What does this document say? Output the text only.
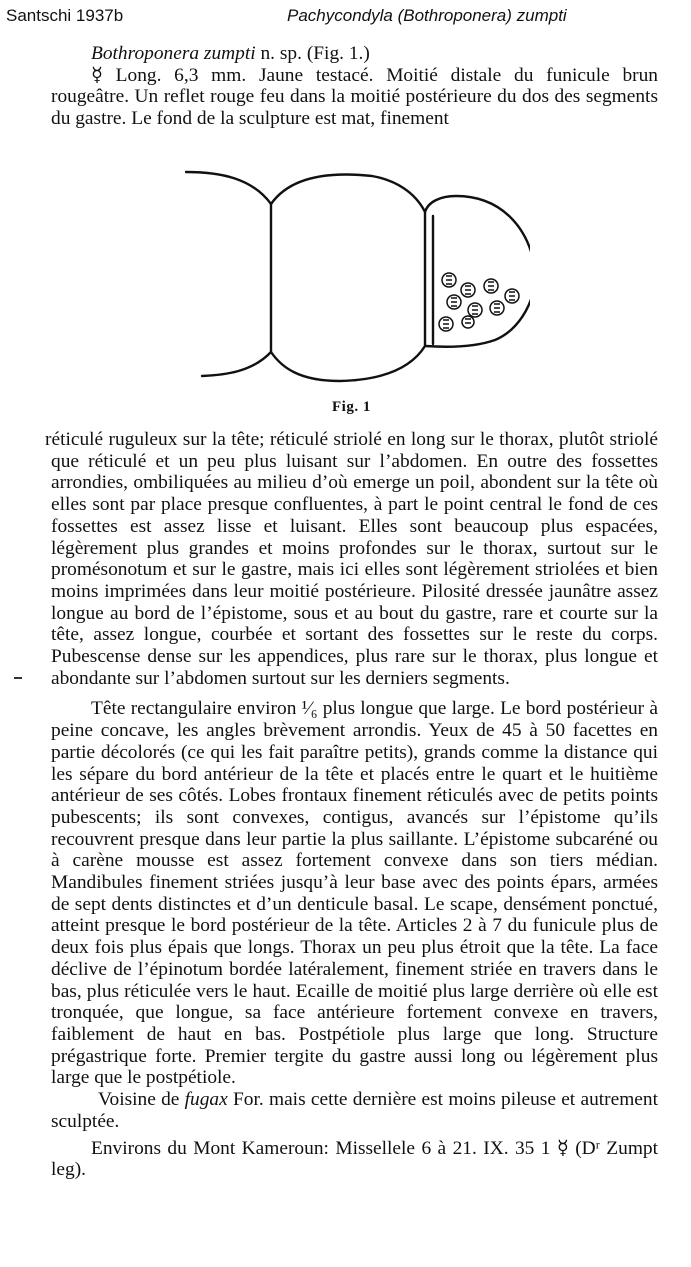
Santschi 1937b	Pachycondyla (Bothroponera) zumpti

Bothroponera zumpti n. sp. (Fig. 1.)

☿ Long. 6,3 mm. Jaune testacé. Moitié distale du funicule brun rougeâtre. Un reflet rouge feu dans la moitié postérieure du dos des segments du gastre. Le fond de la sculpture est mat, finement

Fig. 1

réticulé ruguleux sur la tête; réticulé striolé en long sur le thorax, plutôt striolé que réticulé et un peu plus luisant sur l’abdomen. En outre des fossettes arrondies, ombiliquées au milieu d’où emerge un poil, abondent sur la tête où elles sont par place presque confluentes, à part le point central le fond de ces fossettes est assez lisse et luisant. Elles sont beaucoup plus espacées, légèrement plus grandes et moins profondes sur le thorax, surtout sur le promésonotum et sur le gastre, mais ici elles sont légèrement striolées et bien moins imprimées dans leur moitié postérieure. Pilosité dressée jaunâtre assez longue au bord de l’épistome, sous et au bout du gastre, rare et courte sur la tête, assez longue, courbée et sortant des fossettes sur le reste du corps. Pubescense dense sur les appendices, plus rare sur le thorax, plus longue et abondante sur l’abdomen surtout sur les derniers segments.

Tête rectangulaire environ ¹⁄₆ plus longue que large. Le bord postérieur à peine concave, les angles brèvement arrondis. Yeux de 45 à 50 facettes en partie décolorés (ce qui les fait paraître petits), grands comme la distance qui les sépare du bord antérieur de la tête et placés entre le quart et le huitième antérieur de ses côtés. Lobes frontaux finement réticulés avec de petits points pubescents; ils sont convexes, contigus, avancés sur l’épistome qu’ils recouvrent presque dans leur partie la plus saillante. L’épistome subcaréné ou à carène mousse est assez fortement convexe dans son tiers médian. Mandibules finement striées jusqu’à leur base avec des points épars, armées de sept dents distinctes et d’un denticule basal. Le scape, densément ponctué, atteint presque le bord postérieur de la tête. Articles 2 à 7 du funicule plus de deux fois plus épais que longs. Thorax un peu plus étroit que la tête. La face déclive de l’épinotum bordée latéralement, finement striée en travers dans le bas, plus réticulée vers le haut. Ecaille de moitié plus large derrière où elle est tronquée, que longue, sa face antérieure fortement convexe en travers, faiblement de haut en bas. Postpétiole plus large que long. Structure prégastrique forte. Premier tergite du gastre aussi long ou légèrement plus large que le postpétiole.

Voisine de fugax For. mais cette dernière est moins pileuse et autrement sculptée.

Environs du Mont Kameroun: Missellele 6 à 21. IX. 35 1 ☿ (Dʳ Zumpt leg).
